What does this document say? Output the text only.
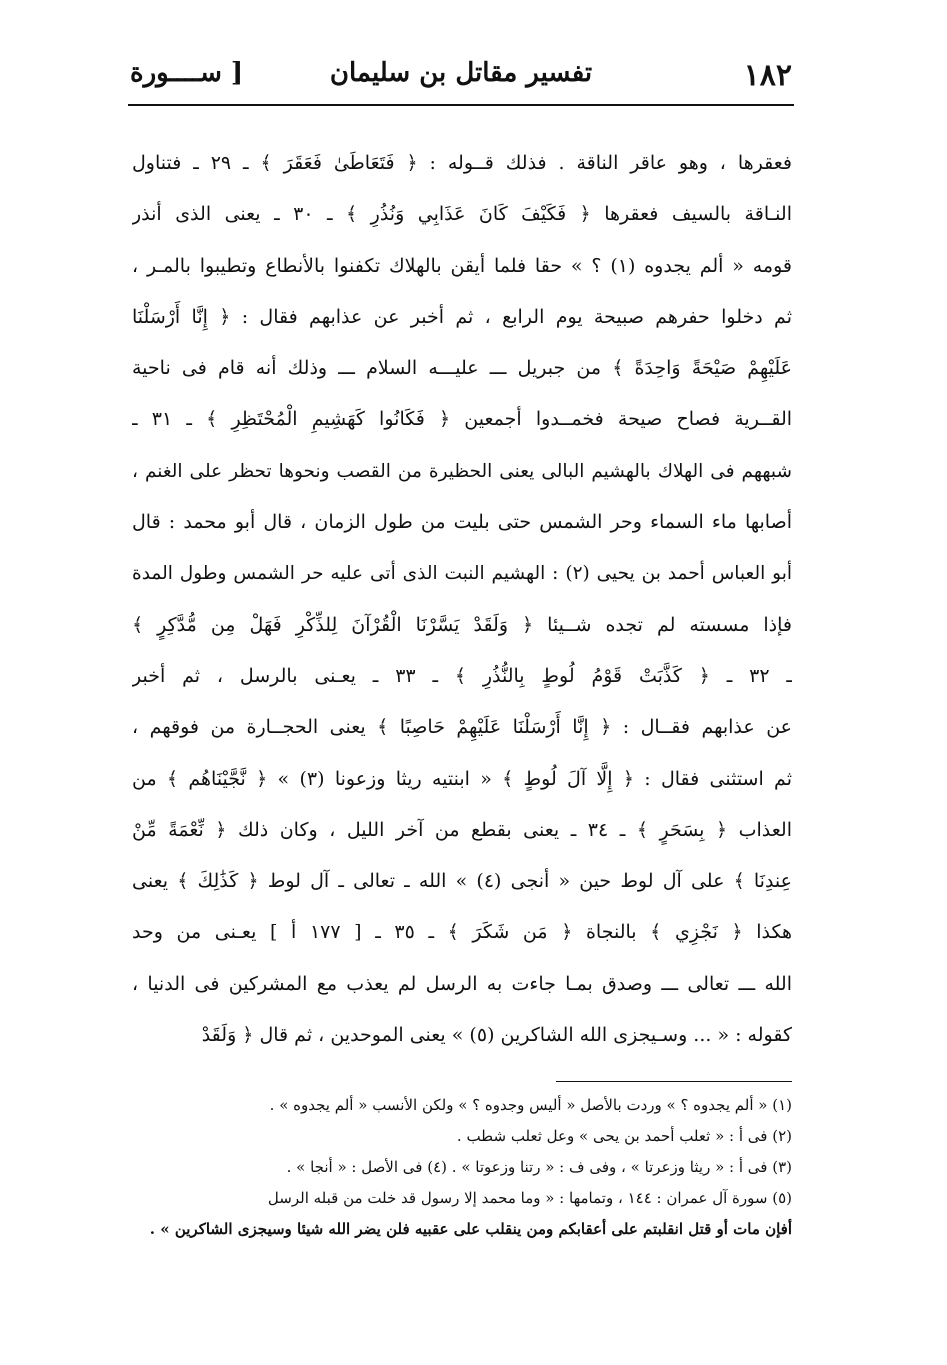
١٨٢
تفسير مقاتل بن سليمان
[ ســــورة
فعقرها ، وهو عاقر الناقة . فذلك قــوله : ﴿ فَتَعَاطَىٰ فَعَقَرَ ﴾ ـ ٢٩ ـ فتناول
النـاقة بالسيف فعقرها ﴿ فَكَيْفَ كَانَ عَذَابِي وَنُذُرِ ﴾ ـ ٣٠ ـ يعنى الذى أنذر
قومه « ألم يجدوه (١) ؟ » حقا فلما أيقن بالهلاك تكفنوا بالأنطاع وتطيبوا بالمـر ،
ثم دخلوا حفرهم صبيحة يوم الرابع ، ثم أخبر عن عذابهم فقال : ﴿ إِنَّا أَرْسَلْنَا
عَلَيْهِمْ صَيْحَةً وَاحِدَةً ﴾ من جبريل ـــ عليـــه السلام ـــ وذلك أنه قام فى ناحية
القــرية فصاح صيحة فخمــدوا أجمعين ﴿ فَكَانُوا كَهَشِيمِ الْمُحْتَظِرِ ﴾ ـ ٣١ ـ
شبههم فى الهلاك بالهشيم البالى يعنى الحظيرة من القصب ونحوها تحظر على الغنم ،
أصابها ماء السماء وحر الشمس حتى بليت من طول الزمان ، قال أبو محمد : قال
أبو العباس أحمد بن يحيى (٢) : الهشيم النبت الذى أتى عليه حر الشمس وطول المدة
فإذا مسسته لم تجده شــيئا ﴿ وَلَقَدْ يَسَّرْنَا الْقُرْآنَ لِلذِّكْرِ فَهَلْ مِن مُّدَّكِرٍ ﴾
ـ ٣٢ ـ ﴿ كَذَّبَتْ قَوْمُ لُوطٍ بِالنُّذُرِ ﴾ ـ ٣٣ ـ يعـنى بالرسل ، ثم أخبر
عن عذابهم فقــال : ﴿ إِنَّا أَرْسَلْنَا عَلَيْهِمْ حَاصِبًا ﴾ يعنى الحجــارة من فوقهم ،
ثم استثنى فقال : ﴿ إِلَّا آلَ لُوطٍ ﴾ « ابنتيه ريثا وزعونا (٣) » ﴿ نَّجَّيْنَاهُم ﴾ من
العذاب ﴿ بِسَحَرٍ ﴾ ـ ٣٤ ـ يعنى بقطع من آخر الليل ، وكان ذلك ﴿ نِّعْمَةً مِّنْ
عِندِنَا ﴾ على آل لوط حين « أنجى (٤) » الله ـ تعالى ـ آل لوط ﴿ كَذَٰلِكَ ﴾ يعنى
هكذا ﴿ نَجْزِي ﴾ بالنجاة ﴿ مَن شَكَرَ ﴾ ـ ٣٥ ـ [ ١٧٧ أ ] يعـنى من وحد
الله ـــ تعالى ـــ وصدق بمـا جاءت به الرسل لم يعذب مع المشركين فى الدنيا ،
كقوله : « ... وسـيجزى الله الشاكرين (٥) » يعنى الموحدين ، ثم قال ﴿ وَلَقَدْ
(١) « ألم يجدوه ؟ » وردت بالأصل « أليس وجدوه ؟ » ولكن الأنسب « ألم يجدوه » .
(٢) فى أ : « ثعلب أحمد بن يحى » وعل ثعلب شطب .
(٣) فى أ : « ريثا وزعرتا » ، وفى ف : « رتنا وزعوتا » . (٤) فى الأصل : « أنجا » .
(٥) سورة آل عمران : ١٤٤ ، وتمامها : « وما محمد إلا رسول قد خلت من قبله الرسل
أفإن مات أو قتل انقلبتم على أعقابكم ومن ينقلب على عقبيه فلن يضر الله شيئا وسيجزى الشاكرين » .
